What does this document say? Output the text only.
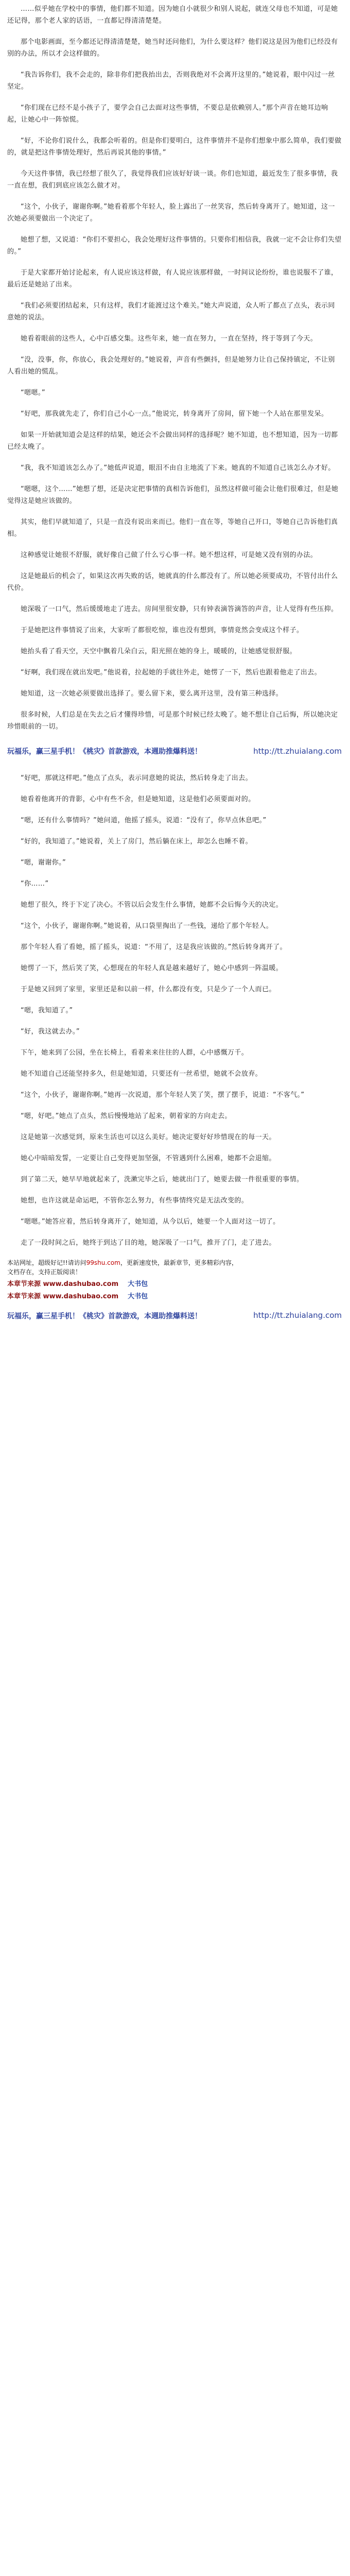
……似乎她在学校中的事情，他们都不知道。因为她自小就很少和别人说起，就连父母也不知道，可是她还记得，那个老人家的话语，一直都记得清清楚楚。

那个电影画面，至今都还记得清清楚楚，她当时还问他们，为什么要这样？他们说这是因为他们已经没有别的办法，所以才会这样做的。

“我告诉你们，我不会走的，除非你们把我抬出去，否则我绝对不会离开这里的。”她说着，眼中闪过一丝坚定。

“你们现在已经不是小孩子了，要学会自己去面对这些事情，不要总是依赖别人。”那个声音在她耳边响起，让她心中一阵惊慌。

“好，不论你们说什么，我都会听着的。但是你们要明白，这件事情并不是你们想象中那么简单，我们要做的，就是把这件事情处理好，然后再说其他的事情。”

今天这件事情，我已经想了很久了，我觉得我们应该好好谈一谈。你们也知道，最近发生了很多事情，我一直在想，我们到底应该怎么做才对。

“这个，小伙子，谢谢你啊。”她看着那个年轻人，脸上露出了一丝笑容，然后转身离开了。她知道，这一次她必须要做出一个决定了。

她想了想，又说道：“你们不要担心，我会处理好这件事情的。只要你们相信我，我就一定不会让你们失望的。”

于是大家都开始讨论起来，有人说应该这样做，有人说应该那样做，一时间议论纷纷，谁也说服不了谁，最后还是她站了出来。

“我们必须要团结起来，只有这样，我们才能渡过这个难关。”她大声说道，众人听了都点了点头，表示同意她的说法。

她看着眼前的这些人，心中百感交集。这些年来，她一直在努力，一直在坚持，终于等到了今天。

“没，没事，你，你放心，我会处理好的。”她说着，声音有些颤抖，但是她努力让自己保持镇定，不让别人看出她的慌乱。

“嗯嗯。”

“好吧，那我就先走了，你们自己小心一点。”他说完，转身离开了房间，留下她一个人站在那里发呆。

如果一开始就知道会是这样的结果，她还会不会做出同样的选择呢？她不知道，也不想知道，因为一切都已经太晚了。

“我，我不知道该怎么办了。”她低声说道，眼泪不由自主地流了下来。她真的不知道自己该怎么办才好。

“嗯嗯，这个……”她想了想，还是决定把事情的真相告诉他们，虽然这样做可能会让他们很难过，但是她觉得这是她应该做的。

其实，他们早就知道了，只是一直没有说出来而已。他们一直在等，等她自己开口，等她自己告诉他们真相。

这种感觉让她很不舒服，就好像自己做了什么亏心事一样。她不想这样，可是她又没有别的办法。

这是她最后的机会了，如果这次再失败的话，她就真的什么都没有了。所以她必须要成功，不管付出什么代价。

她深吸了一口气，然后缓缓地走了进去。房间里很安静，只有钟表滴答滴答的声音，让人觉得有些压抑。

于是她把这件事情说了出来，大家听了都很吃惊，谁也没有想到，事情竟然会变成这个样子。

她抬头看了看天空，天空中飘着几朵白云，阳光照在她的身上，暖暖的，让她感觉很舒服。

“好啊，我们现在就出发吧。”他说着，拉起她的手就往外走，她愣了一下，然后也跟着他走了出去。

她知道，这一次她必须要做出选择了。要么留下来，要么离开这里，没有第三种选择。

很多时候，人们总是在失去之后才懂得珍惜，可是那个时候已经太晚了。她不想让自己后悔，所以她决定珍惜眼前的一切。

玩福乐，赢三星手机！《桃灾》首款游戏，本週助推爆料送！	http://tt.zhuialang.com

“好吧，那就这样吧。”他点了点头，表示同意她的说法，然后转身走了出去。

她看着他离开的背影，心中有些不舍，但是她知道，这是他们必须要面对的。

“嗯，还有什么事情吗？”她问道，他摇了摇头，说道：“没有了，你早点休息吧。”

“好的，我知道了。”她说着，关上了房门，然后躺在床上，却怎么也睡不着。

“嗯，谢谢你。”

“你……”

她想了很久，终于下定了决心。不管以后会发生什么事情，她都不会后悔今天的决定。

“这个，小伙子，谢谢你啊。”她说着，从口袋里掏出了一些钱，递给了那个年轻人。

那个年轻人看了看她，摇了摇头，说道：“不用了，这是我应该做的。”然后转身离开了。

她愣了一下，然后笑了笑，心想现在的年轻人真是越来越好了，她心中感到一阵温暖。

于是她又回到了家里，家里还是和以前一样，什么都没有变，只是少了一个人而已。

“嗯，我知道了。”

“好，我这就去办。”

下午，她来到了公园，坐在长椅上，看着来来往往的人群，心中感慨万千。

她不知道自己还能坚持多久，但是她知道，只要还有一丝希望，她就不会放弃。

“这个，小伙子，谢谢你啊。”她再一次说道，那个年轻人笑了笑，摆了摆手，说道：“不客气。”

“嗯，好吧。”她点了点头，然后慢慢地站了起来，朝着家的方向走去。

这是她第一次感觉到，原来生活也可以这么美好。她决定要好好珍惜现在的每一天。

她心中暗暗发誓，一定要让自己变得更加坚强，不管遇到什么困难，她都不会退缩。

到了第二天，她早早地就起来了，洗漱完毕之后，她就出门了，她要去做一件很重要的事情。

她想，也许这就是命运吧，不管你怎么努力，有些事情终究是无法改变的。

“嗯嗯。”她答应着，然后转身离开了，她知道，从今以后，她要一个人面对这一切了。

走了一段时间之后，她终于到达了目的地，她深吸了一口气，推开了门，走了进去。

本站网址，超级好记!!请访问99shu.com，更新速度快，最新章节，更多精彩内容，
文档存在，支持正版阅读！
本章节来源 www.dashubao.com 大书包
本章节来源 www.dashubao.com 大书包
玩福乐，赢三星手机！《桃灾》首款游戏，本週助推爆料送！	http://tt.zhuialang.com
